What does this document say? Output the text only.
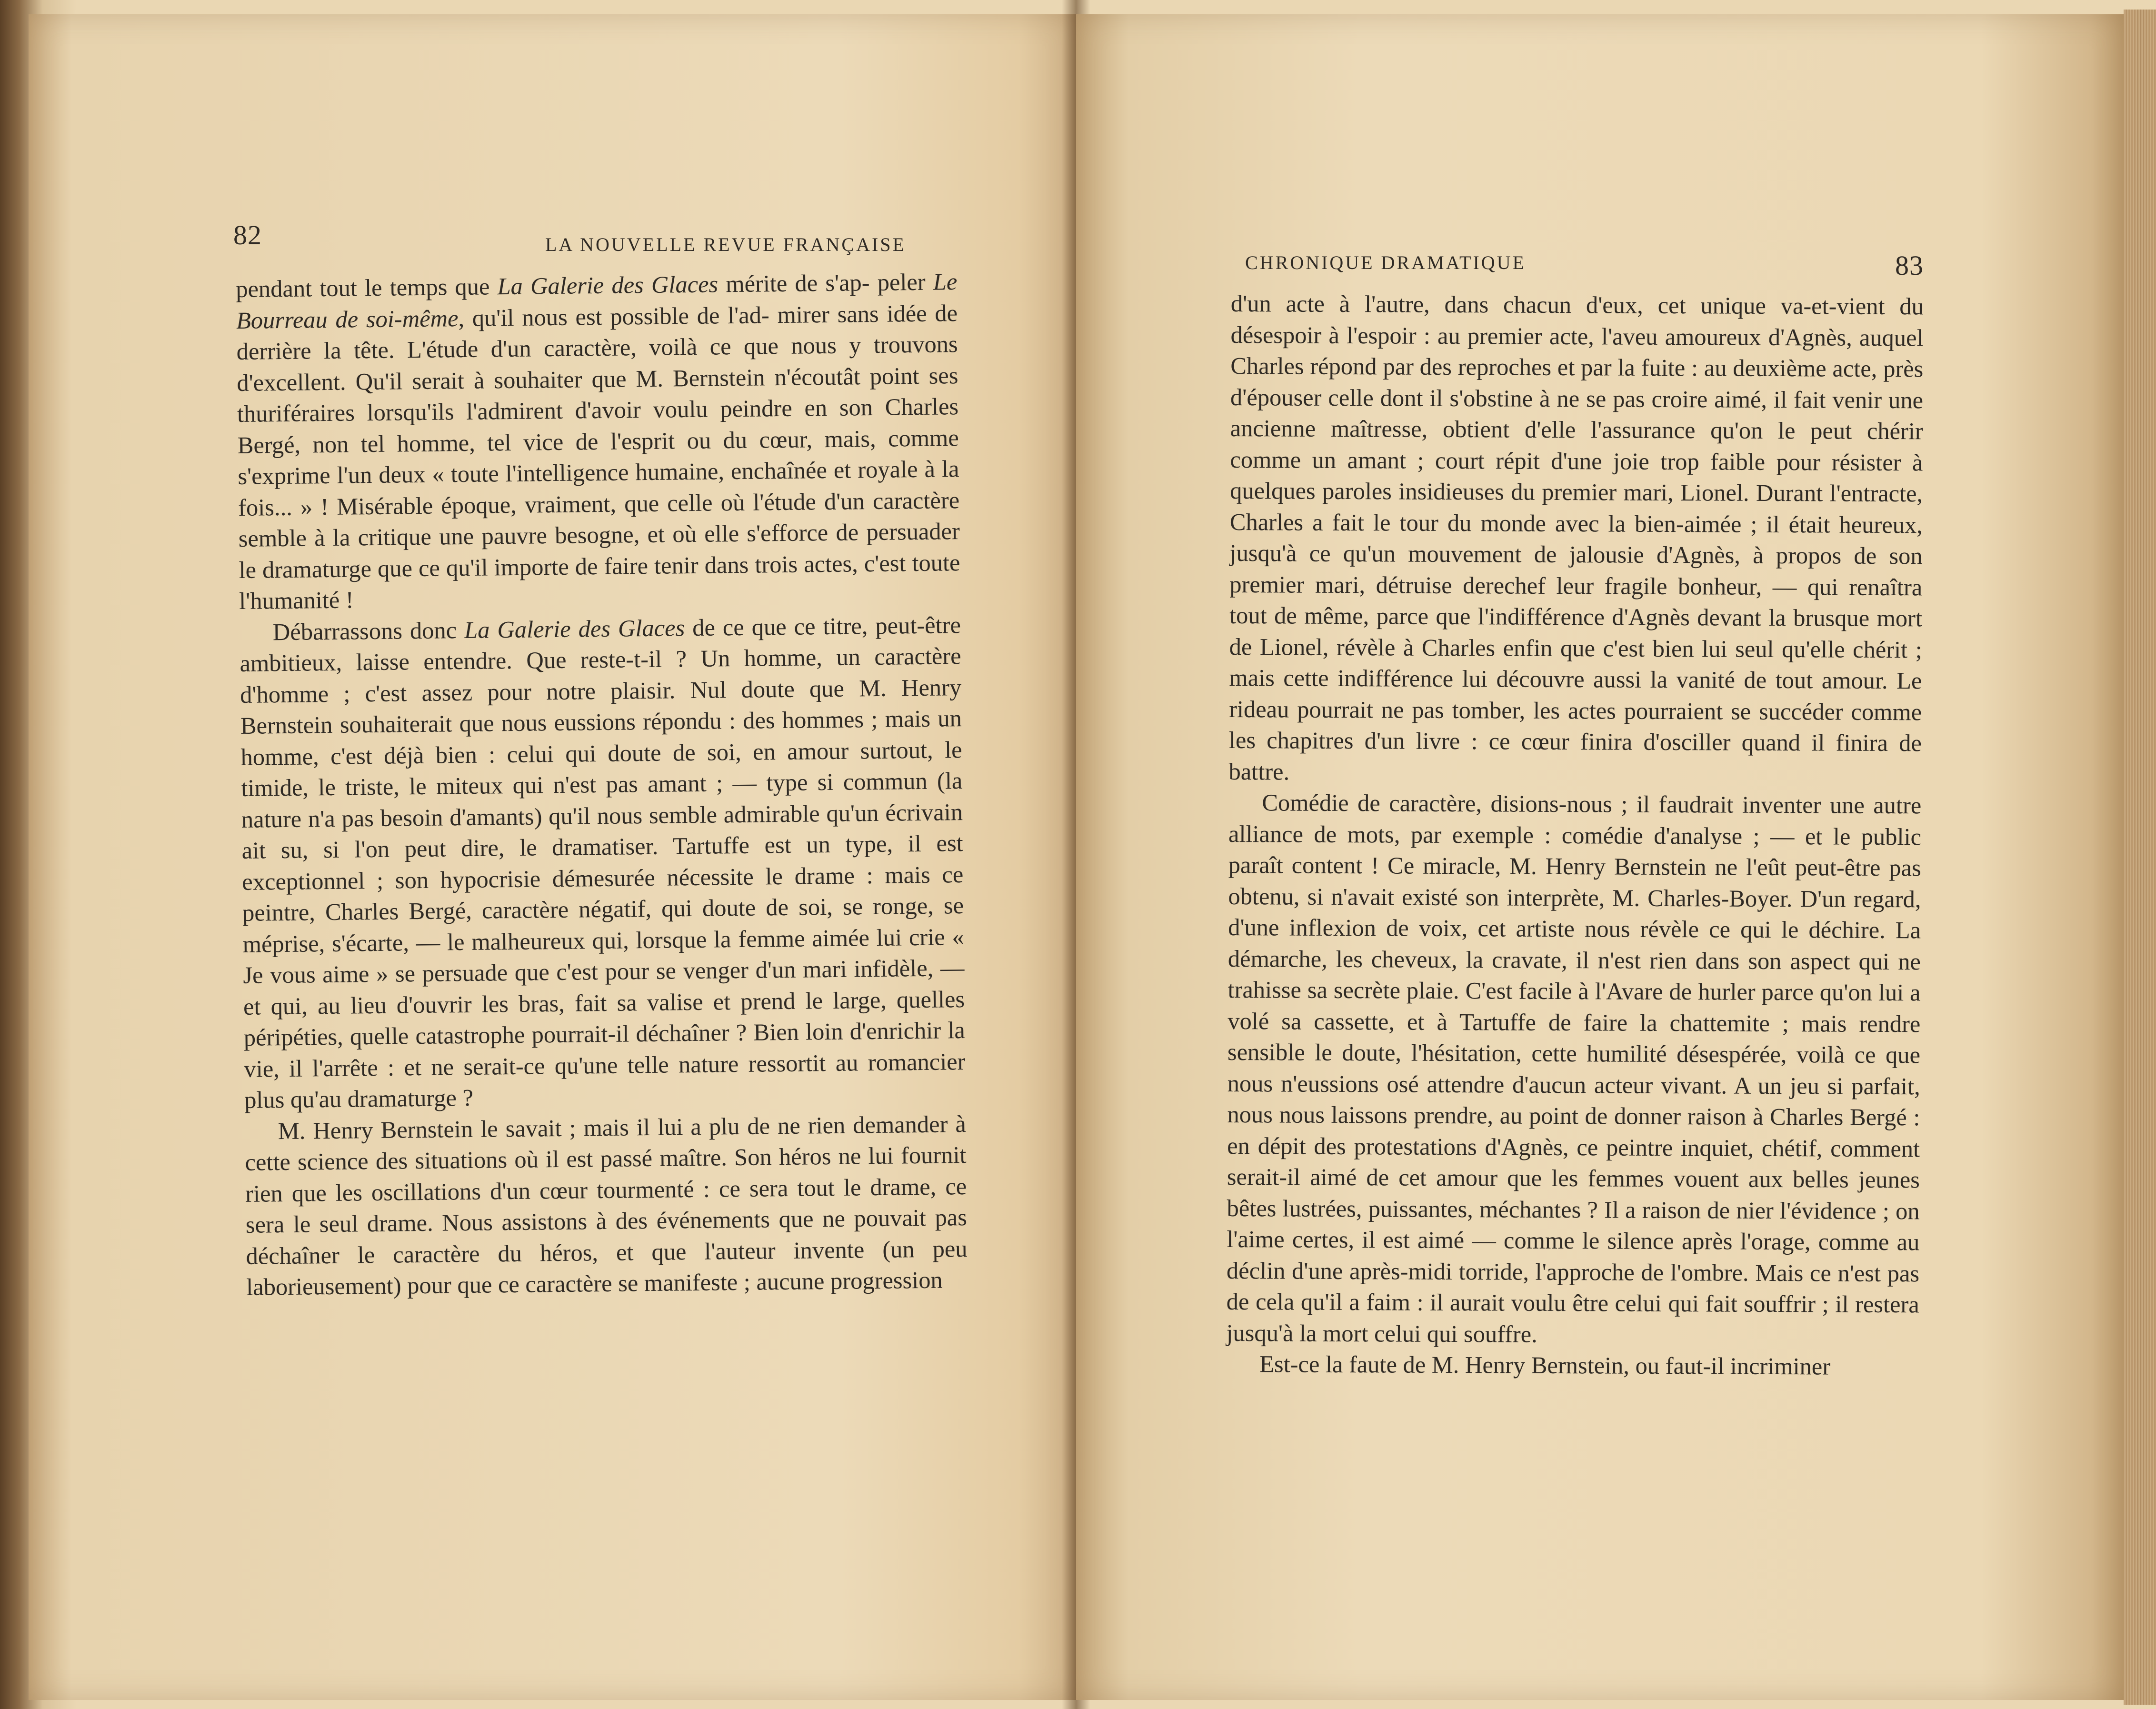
82	LA NOUVELLE REVUE FRANÇAISE

pendant tout le temps que La Galerie des Glaces mérite de s'ap- peler Le Bourreau de soi-même, qu'il nous est possible de l'ad- mirer sans idée de derrière la tête. L'étude d'un caractère, voilà ce que nous y trouvons d'excellent. Qu'il serait à souhaiter que M. Bernstein n'écoutât point ses thuriféraires lorsqu'ils l'admirent d'avoir voulu peindre en son Charles Bergé, non tel homme, tel vice de l'esprit ou du cœur, mais, comme s'exprime l'un deux « toute l'intelligence humaine, enchaînée et royale à la fois... » ! Misérable époque, vraiment, que celle où l'étude d'un caractère semble à la critique une pauvre besogne, et où elle s'efforce de persuader le dramaturge que ce qu'il importe de faire tenir dans trois actes, c'est toute l'humanité !

Débarrassons donc La Galerie des Glaces de ce que ce titre, peut-être ambitieux, laisse entendre. Que reste-t-il ? Un homme, un caractère d'homme ; c'est assez pour notre plaisir. Nul doute que M. Henry Bernstein souhaiterait que nous eussions répondu : des hommes ; mais un homme, c'est déjà bien : celui qui doute de soi, en amour surtout, le timide, le triste, le miteux qui n'est pas amant ; — type si commun (la nature n'a pas besoin d'amants) qu'il nous semble admirable qu'un écrivain ait su, si l'on peut dire, le dramatiser. Tartuffe est un type, il est exceptionnel ; son hypocrisie démesurée nécessite le drame : mais ce peintre, Charles Bergé, caractère négatif, qui doute de soi, se ronge, se méprise, s'écarte, — le malheureux qui, lorsque la femme aimée lui crie « Je vous aime » se persuade que c'est pour se venger d'un mari infidèle, — et qui, au lieu d'ouvrir les bras, fait sa valise et prend le large, quelles péripéties, quelle catastrophe pourrait-il déchaîner ? Bien loin d'enrichir la vie, il l'arrête : et ne serait-ce qu'une telle nature ressortit au romancier plus qu'au dramaturge ?

M. Henry Bernstein le savait ; mais il lui a plu de ne rien demander à cette science des situations où il est passé maître. Son héros ne lui fournit rien que les oscillations d'un cœur tourmenté : ce sera tout le drame, ce sera le seul drame. Nous assistons à des événements que ne pouvait pas déchaîner le caractère du héros, et que l'auteur invente (un peu laborieusement) pour que ce caractère se manifeste ; aucune progression

CHRONIQUE DRAMATIQUE	83

d'un acte à l'autre, dans chacun d'eux, cet unique va-et-vient du désespoir à l'espoir : au premier acte, l'aveu amoureux d'Agnès, auquel Charles répond par des reproches et par la fuite : au deuxième acte, près d'épouser celle dont il s'obstine à ne se pas croire aimé, il fait venir une ancienne maîtresse, obtient d'elle l'assurance qu'on le peut chérir comme un amant ; court répit d'une joie trop faible pour résister à quelques paroles insidieuses du premier mari, Lionel. Durant l'entracte, Charles a fait le tour du monde avec la bien-aimée ; il était heureux, jusqu'à ce qu'un mouvement de jalousie d'Agnès, à propos de son premier mari, détruise derechef leur fragile bonheur, — qui renaîtra tout de même, parce que l'indifférence d'Agnès devant la brusque mort de Lionel, révèle à Charles enfin que c'est bien lui seul qu'elle chérit ; mais cette indifférence lui découvre aussi la vanité de tout amour. Le rideau pourrait ne pas tomber, les actes pourraient se succéder comme les chapitres d'un livre : ce cœur finira d'osciller quand il finira de battre.

Comédie de caractère, disions-nous ; il faudrait inventer une autre alliance de mots, par exemple : comédie d'analyse ; — et le public paraît content ! Ce miracle, M. Henry Bernstein ne l'eût peut-être pas obtenu, si n'avait existé son interprète, M. Charles-Boyer. D'un regard, d'une inflexion de voix, cet artiste nous révèle ce qui le déchire. La démarche, les cheveux, la cravate, il n'est rien dans son aspect qui ne trahisse sa secrète plaie. C'est facile à l'Avare de hurler parce qu'on lui a volé sa cassette, et à Tartuffe de faire la chattemite ; mais rendre sensible le doute, l'hésitation, cette humilité désespérée, voilà ce que nous n'eussions osé attendre d'aucun acteur vivant. A un jeu si parfait, nous nous laissons prendre, au point de donner raison à Charles Bergé : en dépit des protestations d'Agnès, ce peintre inquiet, chétif, comment serait-il aimé de cet amour que les femmes vouent aux belles jeunes bêtes lustrées, puissantes, méchantes ? Il a raison de nier l'évidence ; on l'aime certes, il est aimé — comme le silence après l'orage, comme au déclin d'une après-midi torride, l'approche de l'ombre. Mais ce n'est pas de cela qu'il a faim : il aurait voulu être celui qui fait souffrir ; il restera jusqu'à la mort celui qui souffre.

Est-ce la faute de M. Henry Bernstein, ou faut-il incriminer
